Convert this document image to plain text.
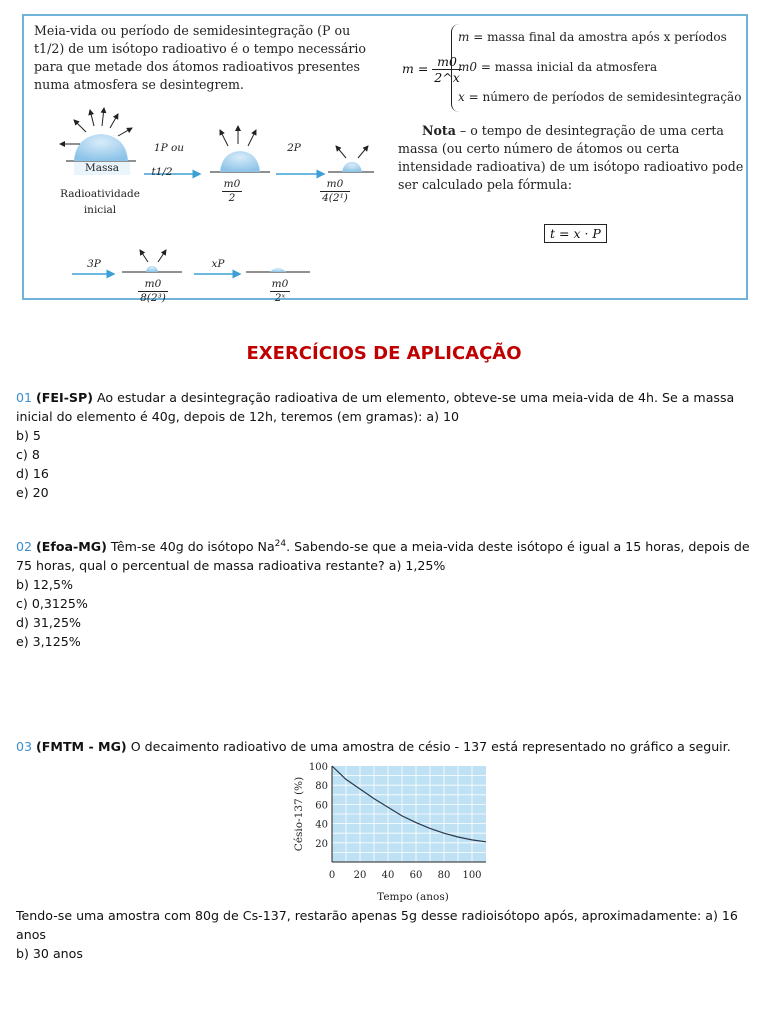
Meia-vida ou período de semidesintegração (P ou t1/2) de um isótopo radioativo é o tempo necessário para que metade dos átomos radioativos presentes numa atmosfera se desintegrem.
$m = \frac{m0}{2\^{}x}$
m = massa final da amostra após x períodos
m0 = massa inicial da atmosfera
x = número de períodos de semidesintegração
Nota – o tempo de desintegração de uma certa massa (ou certo número de átomos ou certa intensidade radioativa) de um isótopo radioativo pode ser calculado pela fórmula:
t = x · P
Massa
Radioatividade inicial
1P ou
t1/2
2P
3P	xP
$\frac{m0}{2}$	$\frac{m0}{\text{4(2¹)}}$
$\frac{m0}{\text{8(2³)}}$	$\frac{m0}{\text{2ˣ}}$
EXERCÍCIOS DE APLICAÇÃO
01 (FEI-SP) Ao estudar a desintegração radioativa de um elemento, obteve-se uma meia-vida de 4h. Se a massa inicial do elemento é 40g, depois de 12h, teremos (em gramas): a) 10
b) 5
c) 8
d) 16
e) 20
02 (Efoa-MG) Têm-se 40g do isótopo Na$^{24}$. Sabendo-se que a meia-vida deste isótopo é igual a 15 horas, depois de 75 horas, qual o percentual de massa radioativa restante? a) 1,25%
b) 12,5%
c) 0,3125%
d) 31,25%
e) 3,125%
03 (FMTM - MG) O decaimento radioativo de uma amostra de césio - 137 está representado no gráfico a seguir.
0 20 40 60 80 100
20
40
60
80
100
Tempo (anos)
Césio-137 (%)
Tendo-se uma amostra com 80g de Cs-137, restarão apenas 5g desse radioisótopo após, aproximadamente: a) 16 anos
b) 30 anos
